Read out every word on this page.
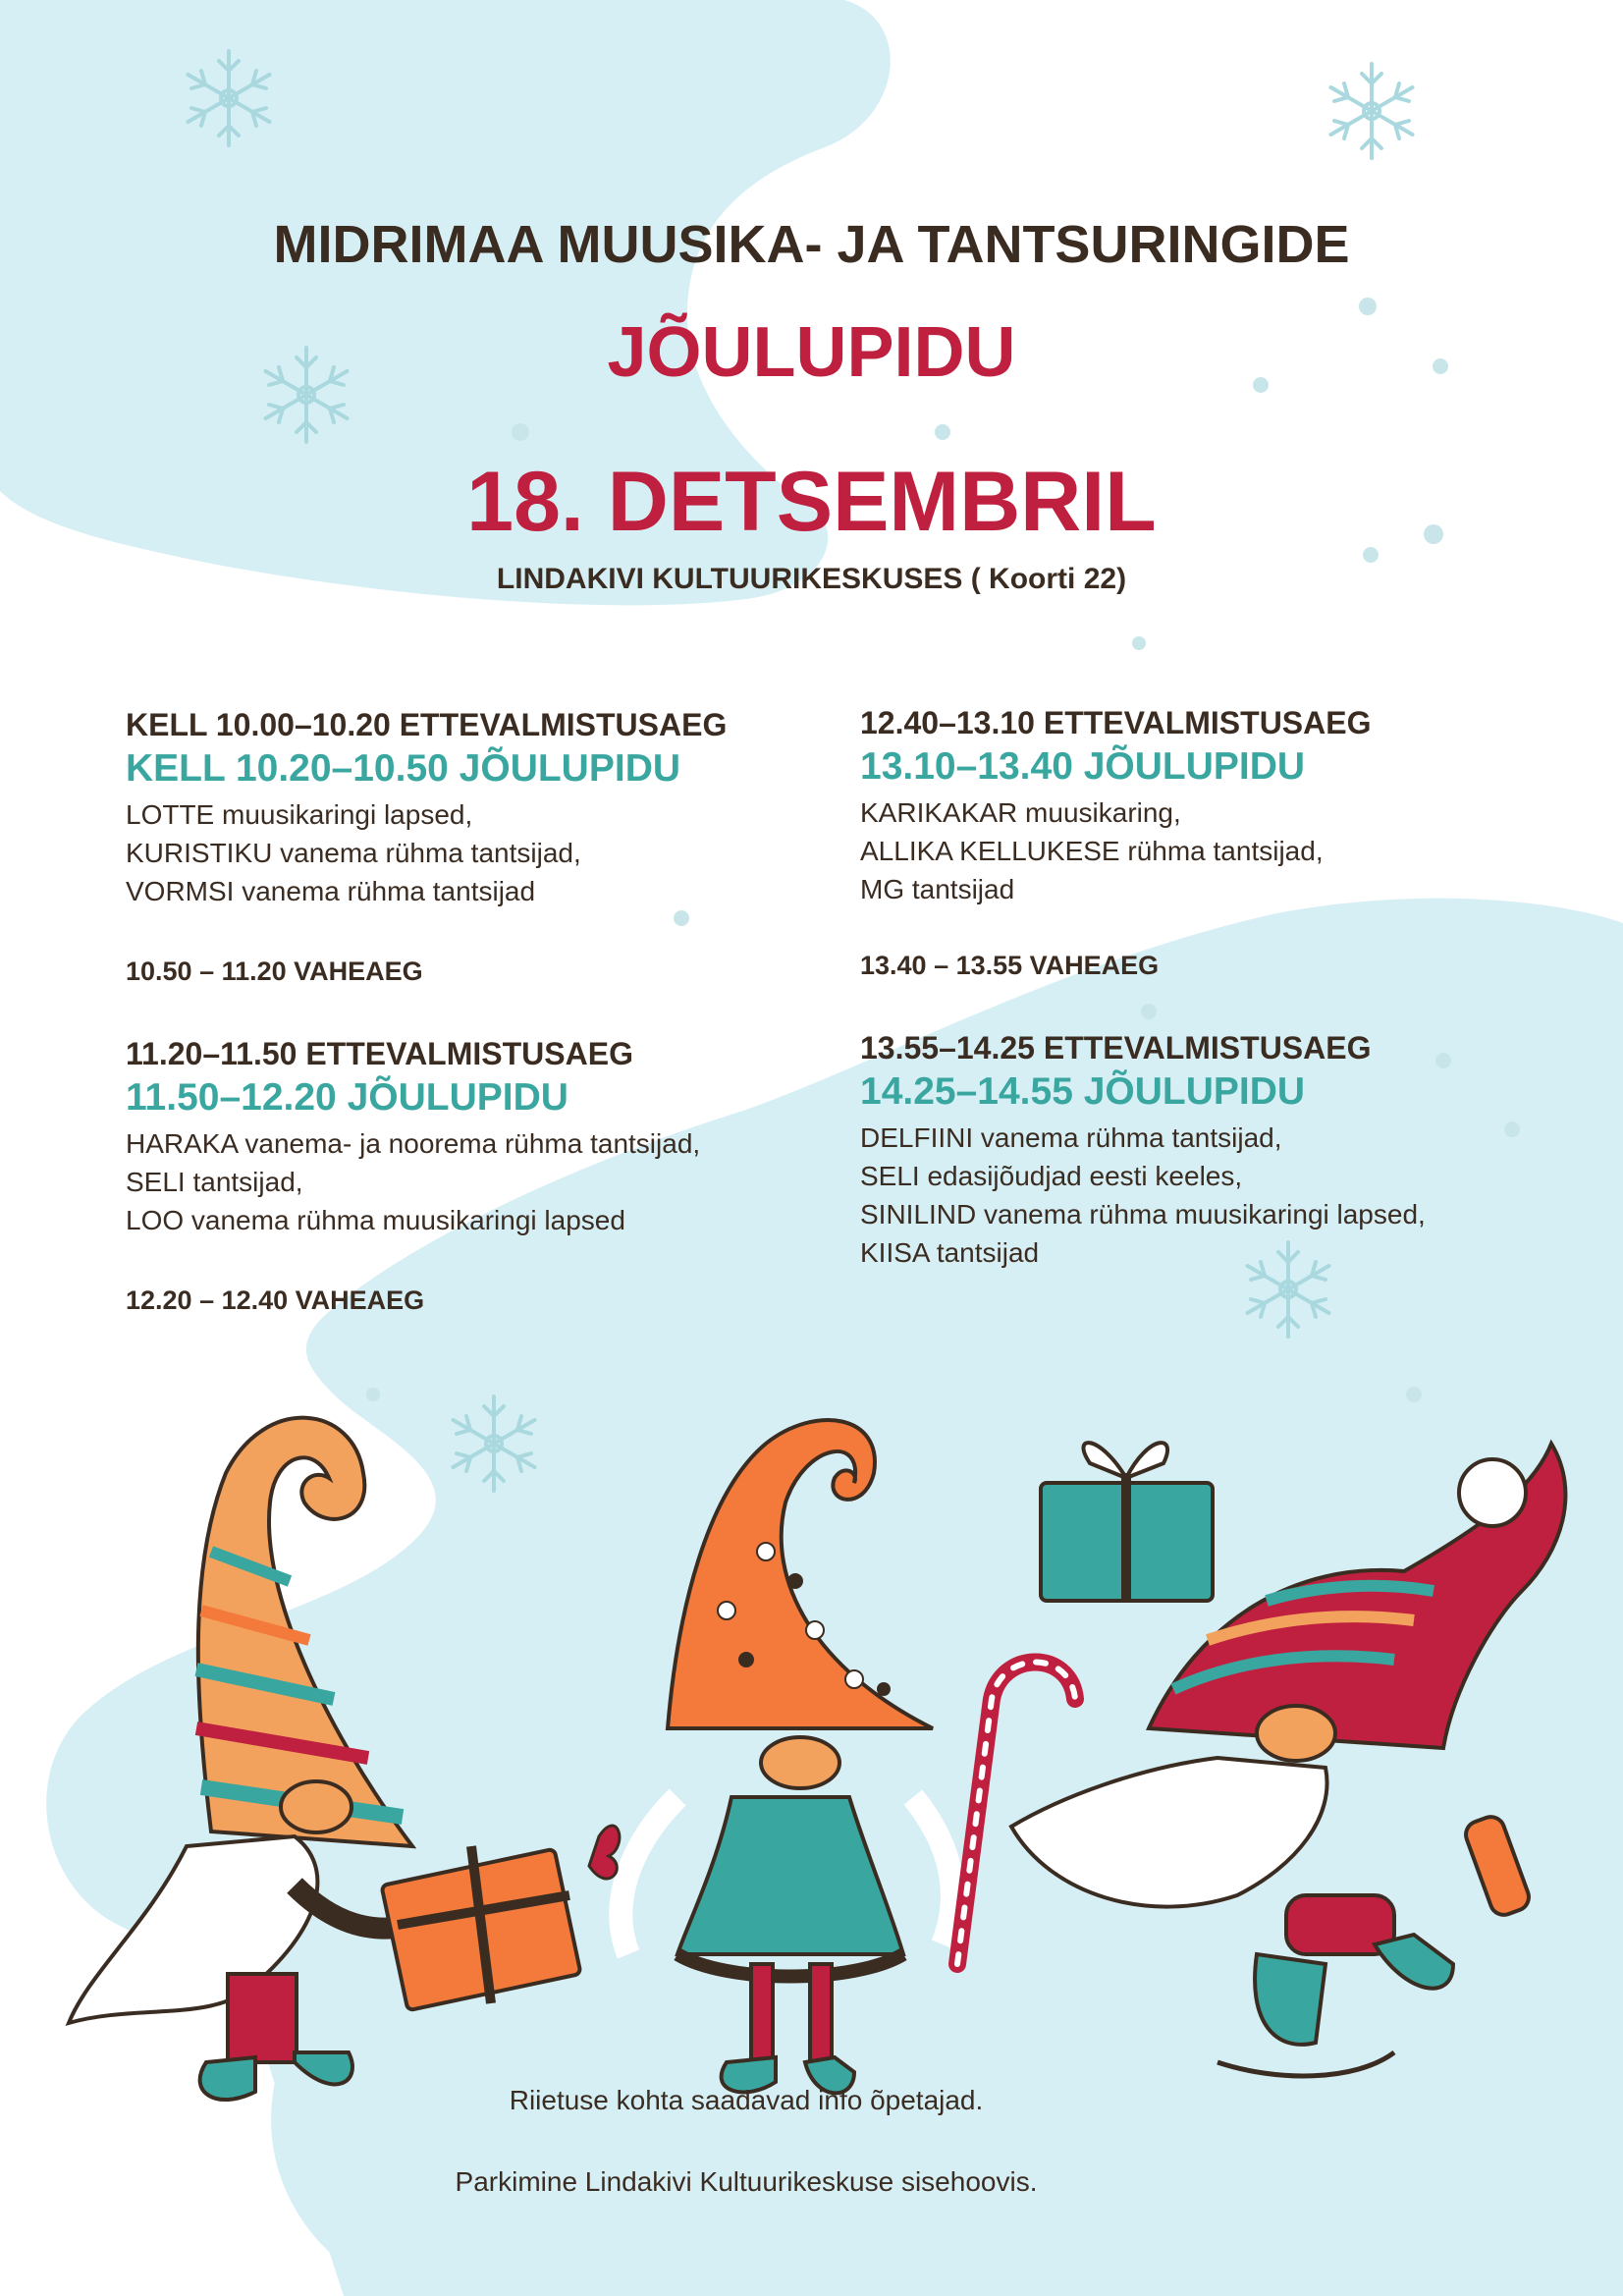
MIDRIMAA MUUSIKA- JA TANTSURINGIDE
JÕULUPIDU
18. DETSEMBRIL
LINDAKIVI KULTUURIKESKUSES ( Koorti 22)
KELL 10.00–10.20 ETTEVALMISTUSAEG
KELL 10.20–10.50 JÕULUPIDU
LOTTE muusikaringi lapsed,
KURISTIKU vanema rühma tantsijad,
VORMSI vanema rühma tantsijad
10.50 – 11.20 VAHEAEG
11.20–11.50 ETTEVALMISTUSAEG
11.50–12.20 JÕULUPIDU
HARAKA vanema- ja noorema rühma tantsijad,
SELI tantsijad,
LOO vanema rühma muusikaringi lapsed
12.20 – 12.40 VAHEAEG
12.40–13.10 ETTEVALMISTUSAEG
13.10–13.40 JÕULUPIDU
KARIKAKAR muusikaring,
ALLIKA KELLUKESE rühma tantsijad,
MG tantsijad
13.40 – 13.55 VAHEAEG
13.55–14.25 ETTEVALMISTUSAEG
14.25–14.55 JÕULUPIDU
DELFIINI vanema rühma tantsijad,
SELI edasijõudjad eesti keeles,
SINILIND vanema rühma muusikaringi lapsed,
KIISA tantsijad
Riietuse kohta saadavad info õpetajad.
Parkimine Lindakivi Kultuurikeskuse sisehoovis.
